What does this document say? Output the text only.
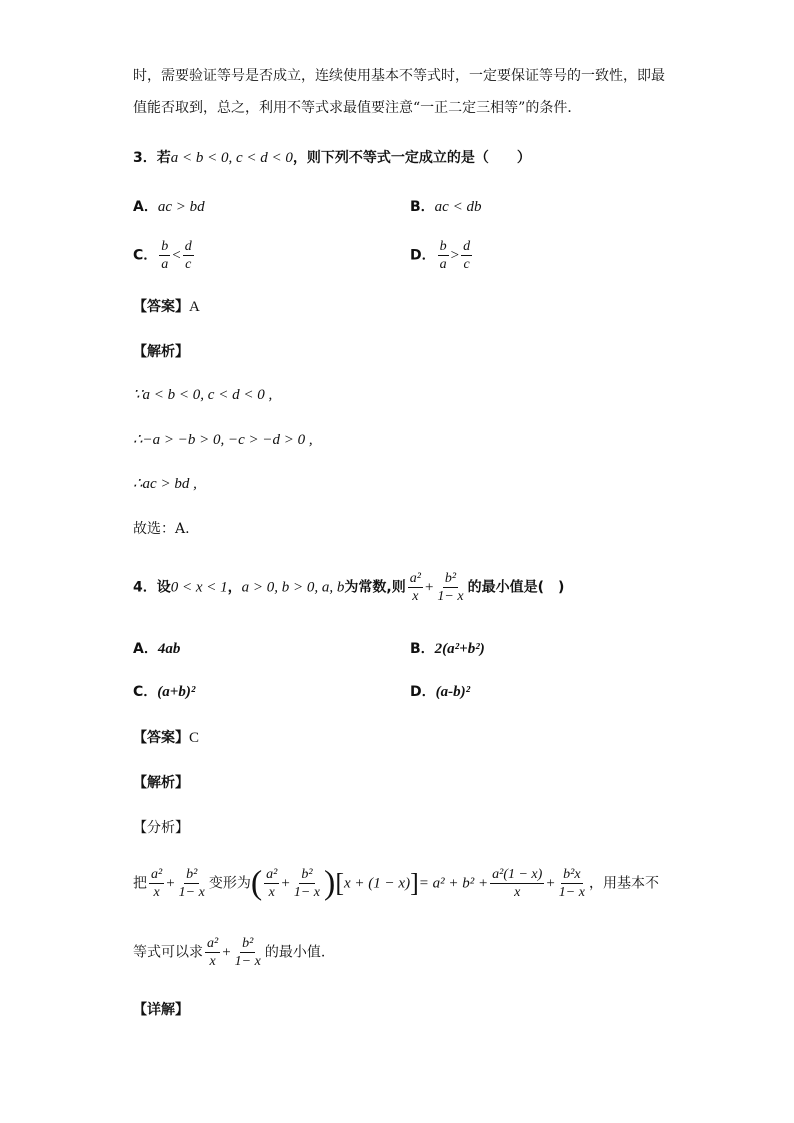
时，需要验证等号是否成立，连续使用基本不等式时，一定要保证等号的一致性，即最
值能否取到，总之，利用不等式求最值要注意“一正二定三相等”的条件．
3．若a < b < 0, c < d < 0，则下列不等式一定成立的是（　　）
A．ac > bd	B．ac < db
C． $\frac{b}{a} < \frac{d}{c}$	D． $\frac{b}{a} > \frac{d}{c}$
【答案】A
【解析】
∵a < b < 0, c < d < 0 ,
∴−a > −b > 0, −c > −d > 0 ,
∴ac > bd ,
故选：A.
4．设0 < x < 1，a > 0, b > 0, a, b为常数,则 $\frac{\text{a²}}{x} + \frac{\text{b²}}{1- x}$ 的最小值是(　)
A．4ab	B．2(a²+b²)
C．(a+b)²	D．(a-b)²
【答案】C
【解析】
【分析】
把 $\frac{\text{a²}}{x} + \frac{\text{b²}}{1- x}$ 变形为( $\frac{\text{a²}}{x} + \frac{\text{b²}}{1- x} )[x + (1 - x)]= a^2 + b^2 + \frac{\text{a²(1 − x)}}{x} + \frac{\text{b²x}}{1- x}$ ，用基本不
等式可以求 $\frac{\text{a²}}{x} + \frac{\text{b²}}{1- x}$ 的最小值.
【详解】
